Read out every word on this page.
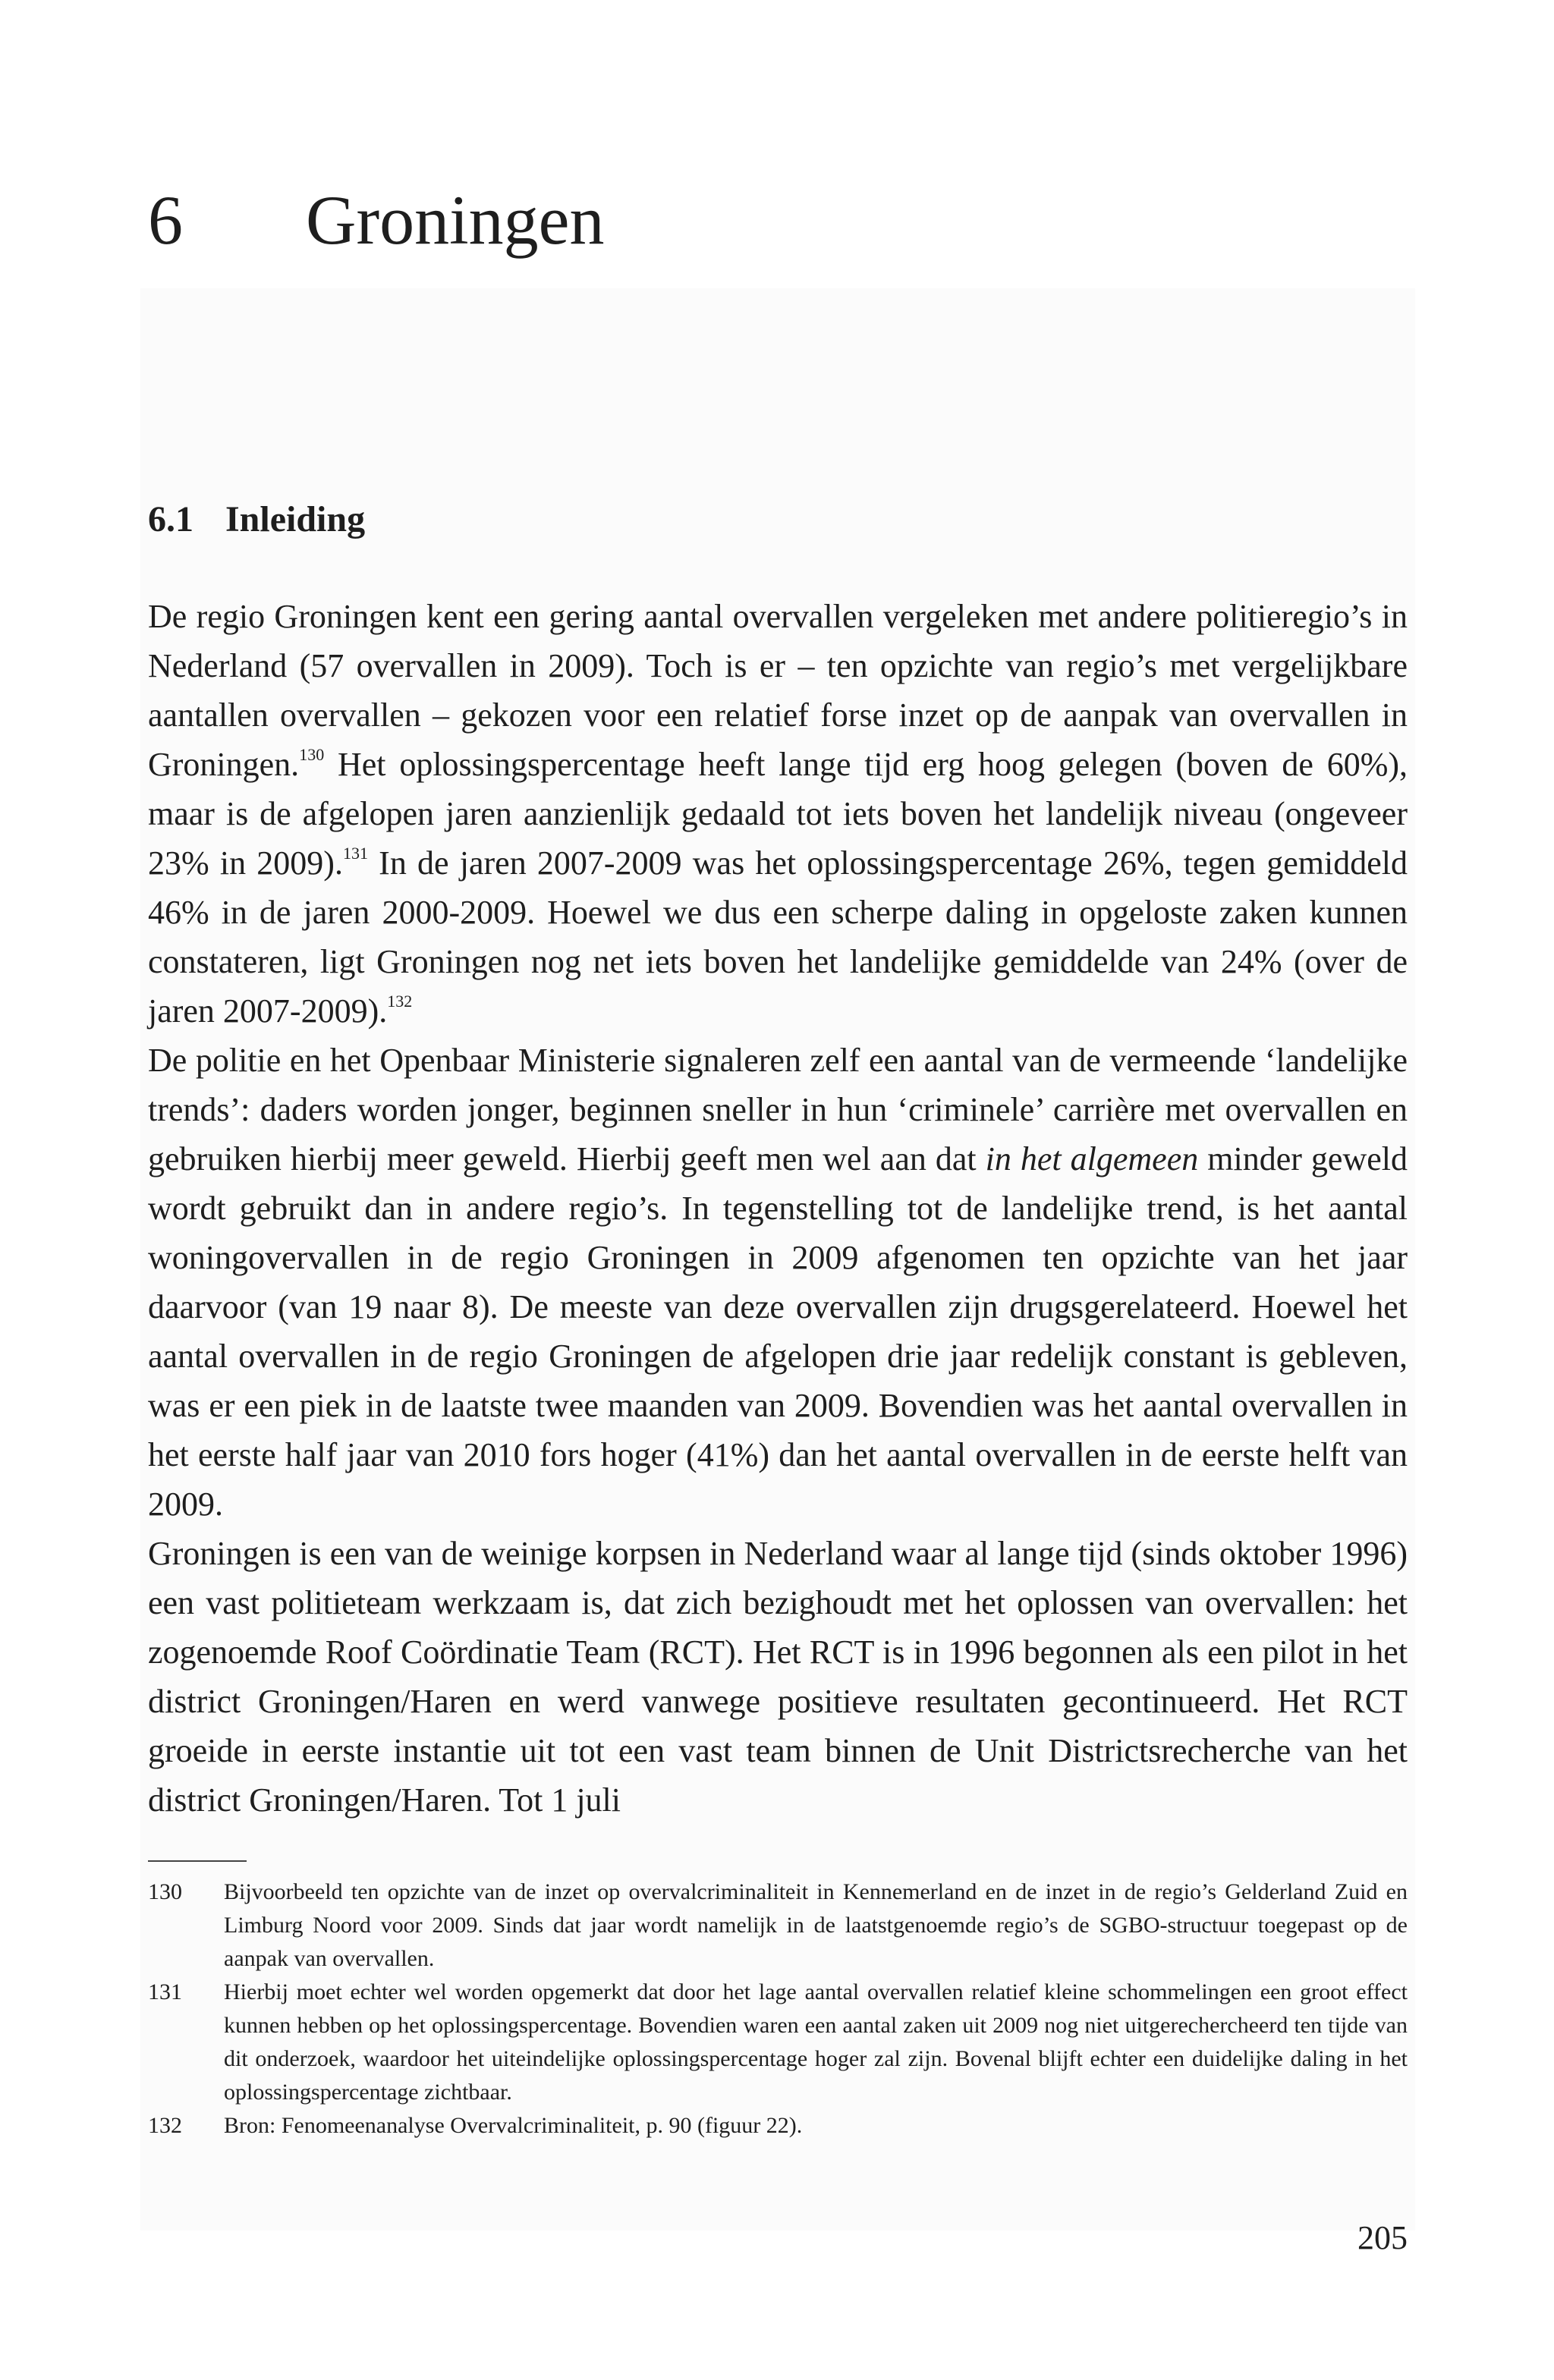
6 Groningen
6.1 Inleiding

De regio Groningen kent een gering aantal overvallen vergeleken met andere politieregio’s in Nederland (57 overvallen in 2009). Toch is er – ten opzichte van regio’s met vergelijkbare aantallen overvallen – gekozen voor een relatief forse inzet op de aanpak van overvallen in Groningen.$^{130}$ Het oplossingspercentage heeft lange tijd erg hoog gelegen (boven de 60%), maar is de afgelopen jaren aanzienlijk gedaald tot iets boven het landelijk niveau (ongeveer 23% in 2009).$^{131}$ In de jaren 2007-2009 was het oplossingspercentage 26%, tegen gemiddeld 46% in de jaren 2000-2009. Hoewel we dus een scherpe daling in opgeloste zaken kunnen constateren, ligt Groningen nog net iets boven het landelijke gemiddelde van 24% (over de jaren 2007-2009).$^{132}$

De politie en het Openbaar Ministerie signaleren zelf een aantal van de vermeende ‘landelijke trends’: daders worden jonger, beginnen sneller in hun ‘criminele’ carrière met overvallen en gebruiken hierbij meer geweld. Hierbij geeft men wel aan dat in het algemeen minder geweld wordt gebruikt dan in andere regio’s. In tegenstelling tot de landelijke trend, is het aantal woningovervallen in de regio Groningen in 2009 afgenomen ten opzichte van het jaar daarvoor (van 19 naar 8). De meeste van deze overvallen zijn drugsgerelateerd. Hoewel het aantal overvallen in de regio Groningen de afgelopen drie jaar redelijk constant is gebleven, was er een piek in de laatste twee maanden van 2009. Bovendien was het aantal overvallen in het eerste half jaar van 2010 fors hoger (41%) dan het aantal overvallen in de eerste helft van 2009.

Groningen is een van de weinige korpsen in Nederland waar al lange tijd (sinds oktober 1996) een vast politieteam werkzaam is, dat zich bezighoudt met het oplossen van overvallen: het zogenoemde Roof Coördinatie Team (RCT). Het RCT is in 1996 begonnen als een pilot in het district Groningen/Haren en werd vanwege positieve resultaten gecontinueerd. Het RCT groeide in eerste instantie uit tot een vast team binnen de Unit Districtsrecherche van het district Groningen/Haren. Tot 1 juli

130	Bijvoorbeeld ten opzichte van de inzet op overvalcriminaliteit in Kennemerland en de inzet in de regio’s Gelderland Zuid en Limburg Noord voor 2009. Sinds dat jaar wordt namelijk in de laatstgenoemde regio’s de SGBO-structuur toegepast op de aanpak van overvallen.
131	Hierbij moet echter wel worden opgemerkt dat door het lage aantal overvallen relatief kleine schommelingen een groot effect kunnen hebben op het oplossingspercentage. Bovendien waren een aantal zaken uit 2009 nog niet uitgerechercheerd ten tijde van dit onderzoek, waardoor het uiteindelijke oplossingspercentage hoger zal zijn. Bovenal blijft echter een duidelijke daling in het oplossingspercentage zichtbaar.
132	Bron: Fenomeenanalyse Overvalcriminaliteit, p. 90 (figuur 22).
205
